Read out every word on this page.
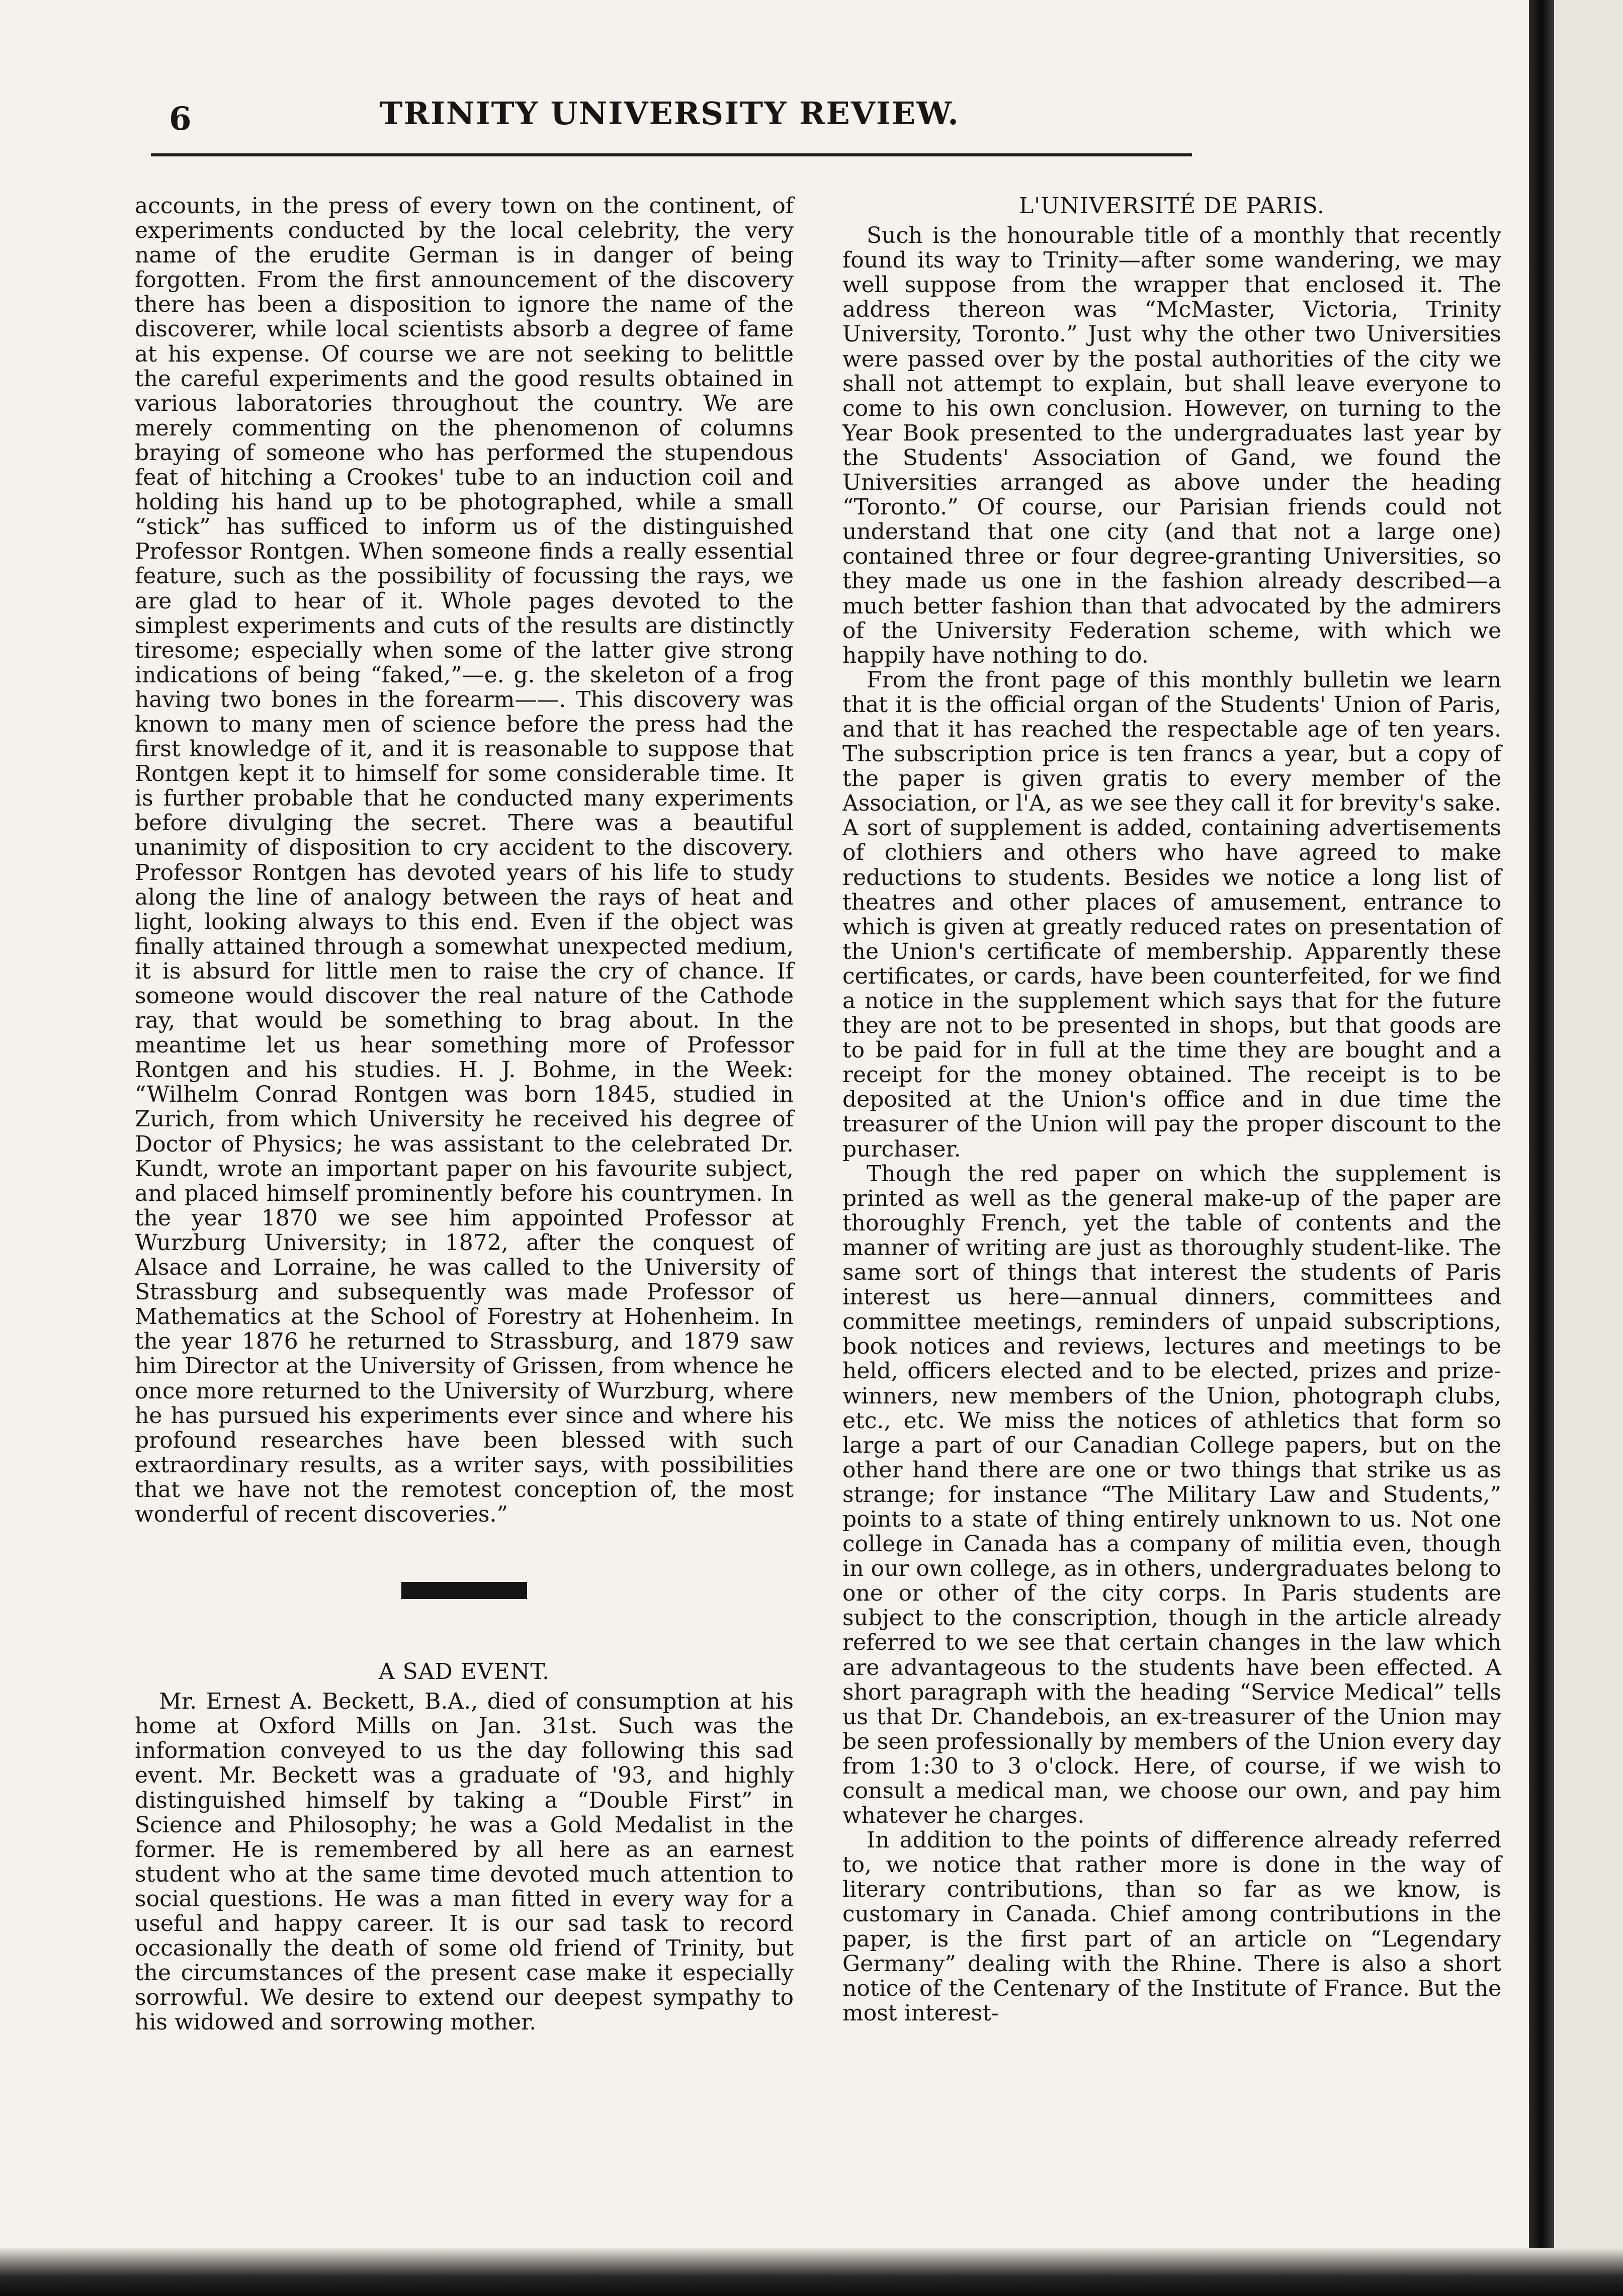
6	TRINITY UNIVERSITY REVIEW.

accounts, in the press of every town on the continent, of experiments conducted by the local celebrity, the very name of the erudite German is in danger of being forgotten. From the first announcement of the discovery there has been a disposition to ignore the name of the discoverer, while local scientists absorb a degree of fame at his expense. Of course we are not seeking to belittle the careful experiments and the good results obtained in various laboratories throughout the country. We are merely commenting on the phenomenon of columns braying of someone who has performed the stupendous feat of hitching a Crookes' tube to an induction coil and holding his hand up to be photographed, while a small “stick” has sufficed to inform us of the distinguished Professor Rontgen. When someone finds a really essential feature, such as the possibility of focussing the rays, we are glad to hear of it. Whole pages devoted to the simplest experiments and cuts of the results are distinctly tiresome; especially when some of the latter give strong indications of being “faked,”—e. g. the skeleton of a frog having two bones in the forearm——. This discovery was known to many men of science before the press had the first knowledge of it, and it is reasonable to suppose that Rontgen kept it to himself for some considerable time. It is further probable that he conducted many experiments before divulging the secret. There was a beautiful unanimity of disposition to cry accident to the discovery. Professor Rontgen has devoted years of his life to study along the line of analogy between the rays of heat and light, looking always to this end. Even if the object was finally attained through a somewhat unexpected medium, it is absurd for little men to raise the cry of chance. If someone would discover the real nature of the Cathode ray, that would be something to brag about. In the meantime let us hear something more of Professor Rontgen and his studies. H. J. Bohme, in the Week: “Wilhelm Conrad Rontgen was born 1845, studied in Zurich, from which University he received his degree of Doctor of Physics; he was assistant to the celebrated Dr. Kundt, wrote an important paper on his favourite subject, and placed himself prominently before his countrymen. In the year 1870 we see him appointed Professor at Wurzburg University; in 1872, after the conquest of Alsace and Lorraine, he was called to the University of Strassburg and subsequently was made Professor of Mathematics at the School of Forestry at Hohenheim. In the year 1876 he returned to Strassburg, and 1879 saw him Director at the University of Grissen, from whence he once more returned to the University of Wurzburg, where he has pursued his experiments ever since and where his profound researches have been blessed with such extraordinary results, as a writer says, with possibilities that we have not the remotest conception of, the most wonderful of recent discoveries.”

A SAD EVENT.

Mr. Ernest A. Beckett, B.A., died of consumption at his home at Oxford Mills on Jan. 31st. Such was the information conveyed to us the day following this sad event. Mr. Beckett was a graduate of '93, and highly distinguished himself by taking a “Double First” in Science and Philosophy; he was a Gold Medalist in the former. He is remembered by all here as an earnest student who at the same time devoted much attention to social questions. He was a man fitted in every way for a useful and happy career. It is our sad task to record occasionally the death of some old friend of Trinity, but the circumstances of the present case make it especially sorrowful. We desire to extend our deepest sympathy to his widowed and sorrowing mother.

L'UNIVERSITÉ DE PARIS.

Such is the honourable title of a monthly that recently found its way to Trinity—after some wandering, we may well suppose from the wrapper that enclosed it. The address thereon was “McMaster, Victoria, Trinity University, Toronto.” Just why the other two Universities were passed over by the postal authorities of the city we shall not attempt to explain, but shall leave everyone to come to his own conclusion. However, on turning to the Year Book presented to the undergraduates last year by the Students' Association of Gand, we found the Universities arranged as above under the heading “Toronto.” Of course, our Parisian friends could not understand that one city (and that not a large one) contained three or four degree-granting Universities, so they made us one in the fashion already described—a much better fashion than that advocated by the admirers of the University Federation scheme, with which we happily have nothing to do.

From the front page of this monthly bulletin we learn that it is the official organ of the Students' Union of Paris, and that it has reached the respectable age of ten years. The subscription price is ten francs a year, but a copy of the paper is given gratis to every member of the Association, or l'A, as we see they call it for brevity's sake. A sort of supplement is added, containing advertisements of clothiers and others who have agreed to make reductions to students. Besides we notice a long list of theatres and other places of amusement, entrance to which is given at greatly reduced rates on presentation of the Union's certificate of membership. Apparently these certificates, or cards, have been counterfeited, for we find a notice in the supplement which says that for the future they are not to be presented in shops, but that goods are to be paid for in full at the time they are bought and a receipt for the money obtained. The receipt is to be deposited at the Union's office and in due time the treasurer of the Union will pay the proper discount to the purchaser.

Though the red paper on which the supplement is printed as well as the general make-up of the paper are thoroughly French, yet the table of contents and the manner of writing are just as thoroughly student-like. The same sort of things that interest the students of Paris interest us here—annual dinners, committees and committee meetings, reminders of unpaid subscriptions, book notices and reviews, lectures and meetings to be held, officers elected and to be elected, prizes and prize-winners, new members of the Union, photograph clubs, etc., etc. We miss the notices of athletics that form so large a part of our Canadian College papers, but on the other hand there are one or two things that strike us as strange; for instance “The Military Law and Students,” points to a state of thing entirely unknown to us. Not one college in Canada has a company of militia even, though in our own college, as in others, undergraduates belong to one or other of the city corps. In Paris students are subject to the conscription, though in the article already referred to we see that certain changes in the law which are advantageous to the students have been effected. A short paragraph with the heading “Service Medical” tells us that Dr. Chandebois, an ex-treasurer of the Union may be seen professionally by members of the Union every day from 1:30 to 3 o'clock. Here, of course, if we wish to consult a medical man, we choose our own, and pay him whatever he charges.

In addition to the points of difference already referred to, we notice that rather more is done in the way of literary contributions, than so far as we know, is customary in Canada. Chief among contributions in the paper, is the first part of an article on “Legendary Germany” dealing with the Rhine. There is also a short notice of the Centenary of the Institute of France. But the most interest-
